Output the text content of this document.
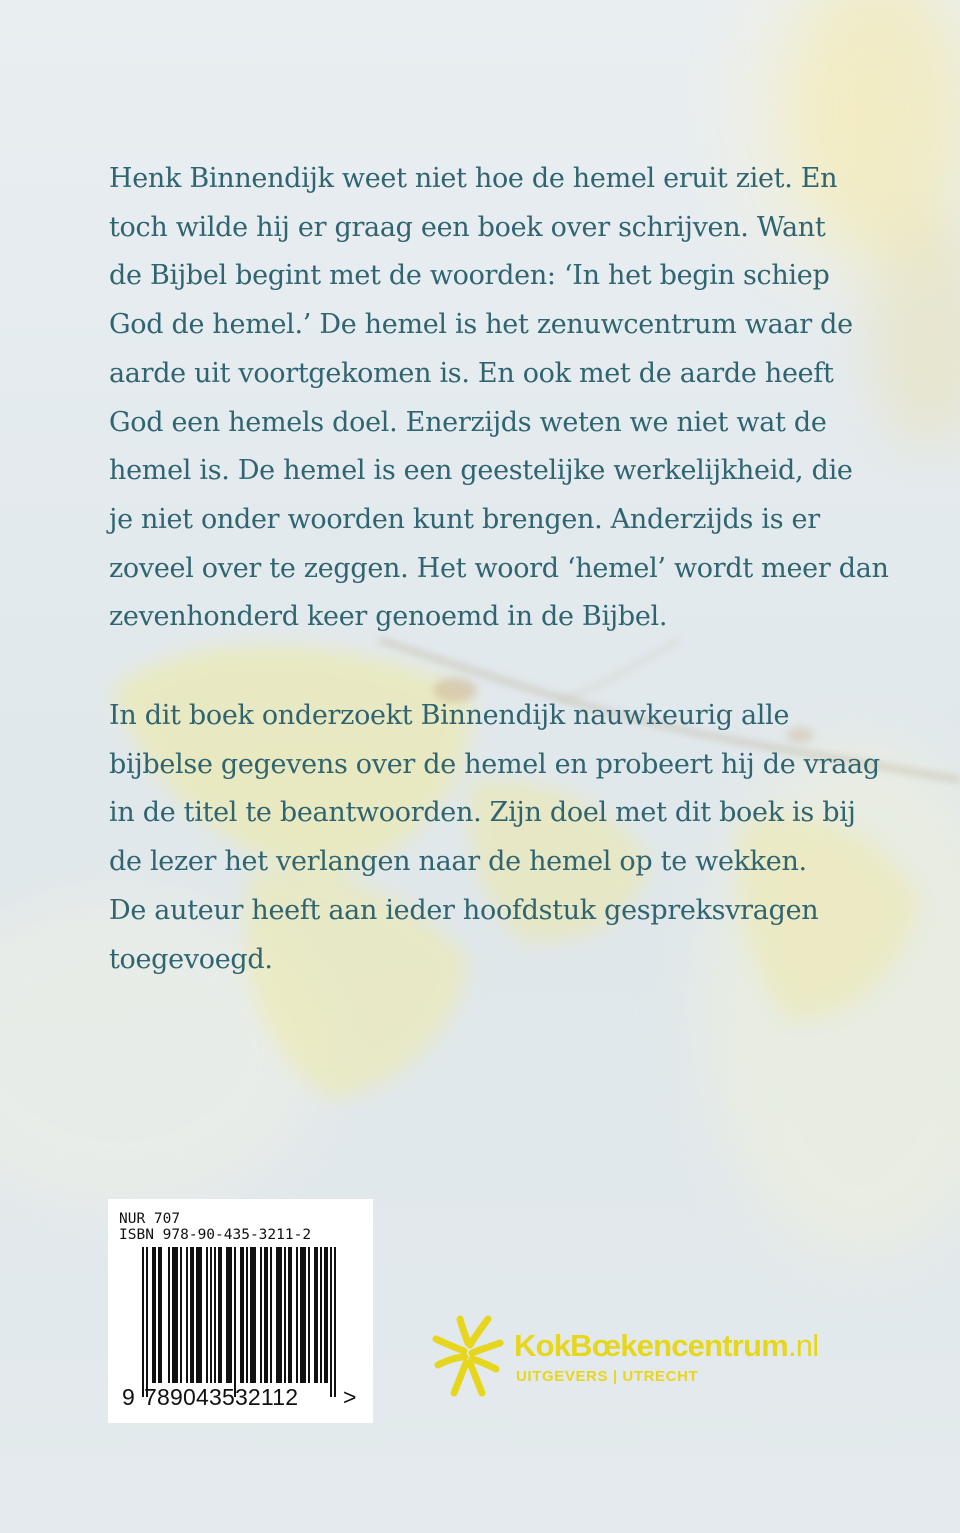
Henk Binnendijk weet niet hoe de hemel eruit ziet. En
toch wilde hij er graag een boek over schrijven. Want
de Bijbel begint met de woorden: ‘In het begin schiep
God de hemel.’ De hemel is het zenuwcentrum waar de
aarde uit voortgekomen is. En ook met de aarde heeft
God een hemels doel. Enerzijds weten we niet wat de
hemel is. De hemel is een geestelijke werkelijkheid, die
je niet onder woorden kunt brengen. Anderzijds is er
zoveel over te zeggen. Het woord ‘hemel’ wordt meer dan
zevenhonderd keer genoemd in de Bijbel.
In dit boek onderzoekt Binnendijk nauwkeurig alle
bijbelse gegevens over de hemel en probeert hij de vraag
in de titel te beantwoorden. Zijn doel met dit boek is bij
de lezer het verlangen naar de hemel op te wekken.
De auteur heeft aan ieder hoofdstuk gespreksvragen
toegevoegd.
NUR 707
ISBN 978-90-435-3211-2
9 789043532112 >
KokBœkencentrum.nl
UITGEVERS | UTRECHT
